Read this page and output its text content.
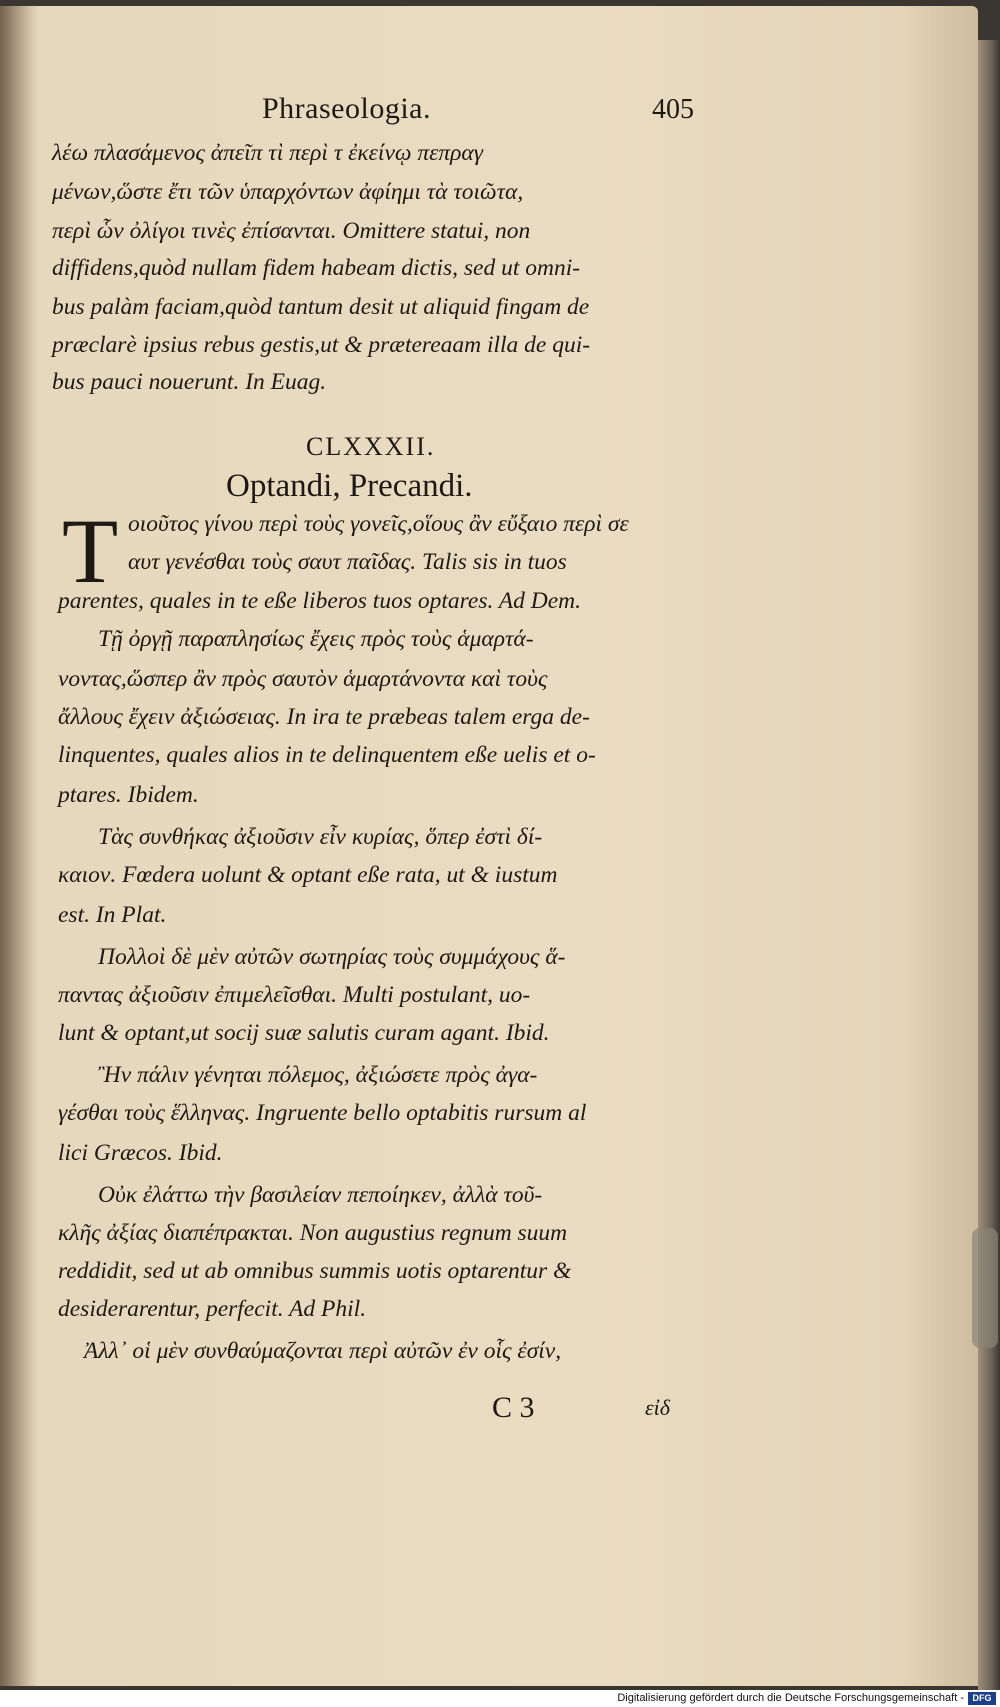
Phraseologia.	405
λέω πλασάμενος ἀπεῖπ τὶ περὶ τ ἐκείνῳ πεπραγ
μένων,ὥστε ἔτι τῶν ὑπαρχόντων ἀφίημι τὰ τοιῶτα,
περὶ ὧν ὀλίγοι τινὲς ἐπίσανται. Omittere statui, non
diffidens,quòd nullam fidem habeam dictis, sed ut omni-
bus palàm faciam,quòd tantum desit ut aliquid fingam de
præclarè ipsius rebus gestis,ut & prætereaam illa de qui-
bus pauci nouerunt. In Euag.
CLXXXII.
Optandi, Precandi.
T οιοῦτος γίνου περὶ τοὺς γονεῖς,οἵους ἂν εὔξαιο περὶ σε
αυτ γενέσθαι τοὺς σαυτ παῖδας. Talis sis in tuos
parentes, quales in te eße liberos tuos optares. Ad Dem.
Τῇ ὀργῇ παραπλησίως ἔχεις πρὸς τοὺς ἁμαρτά-
νοντας,ὥσπερ ἂν πρὸς σαυτὸν ἁμαρτάνοντα καὶ τοὺς
ἄλλους ἔχειν ἀξιώσειας. In ira te præbeas talem erga de-
linquentes, quales alios in te delinquentem eße uelis et o-
ptares. Ibidem.
Τὰς συνθήκας ἀξιοῦσιν εἶν κυρίας, ὅπερ ἐστὶ δί-
καιον. Fœdera uolunt & optant eße rata, ut & iustum
est. In Plat.
Πολλοὶ δὲ μὲν αὐτῶν σωτηρίας τοὺς συμμάχους ἅ-
παντας ἀξιοῦσιν ἐπιμελεῖσθαι. Multi postulant, uo-
lunt & optant,ut socij suæ salutis curam agant. Ibid.
Ἢν πάλιν γένηται πόλεμος, ἀξιώσετε πρὸς ἀγα-
γέσθαι τοὺς ἕλληνας. Ingruente bello optabitis rursum al
lici Græcos. Ibid.
Οὐκ ἐλάττω τὴν βασιλείαν πεποίηκεν, ἀλλὰ τοῦ-
κλῆς ἀξίας διαπέπρακται. Non augustius regnum suum
reddidit, sed ut ab omnibus summis uotis optarentur &
desiderarentur, perfecit. Ad Phil.
Ἀλλ᾽ οἱ μὲν συνθαύμαζονται περὶ αὐτῶν ἐν οἷς ἐσίν,
C 3	εἰδ
Digitalisierung gefördert durch die Deutsche Forschungsgemeinschaft - DFG
